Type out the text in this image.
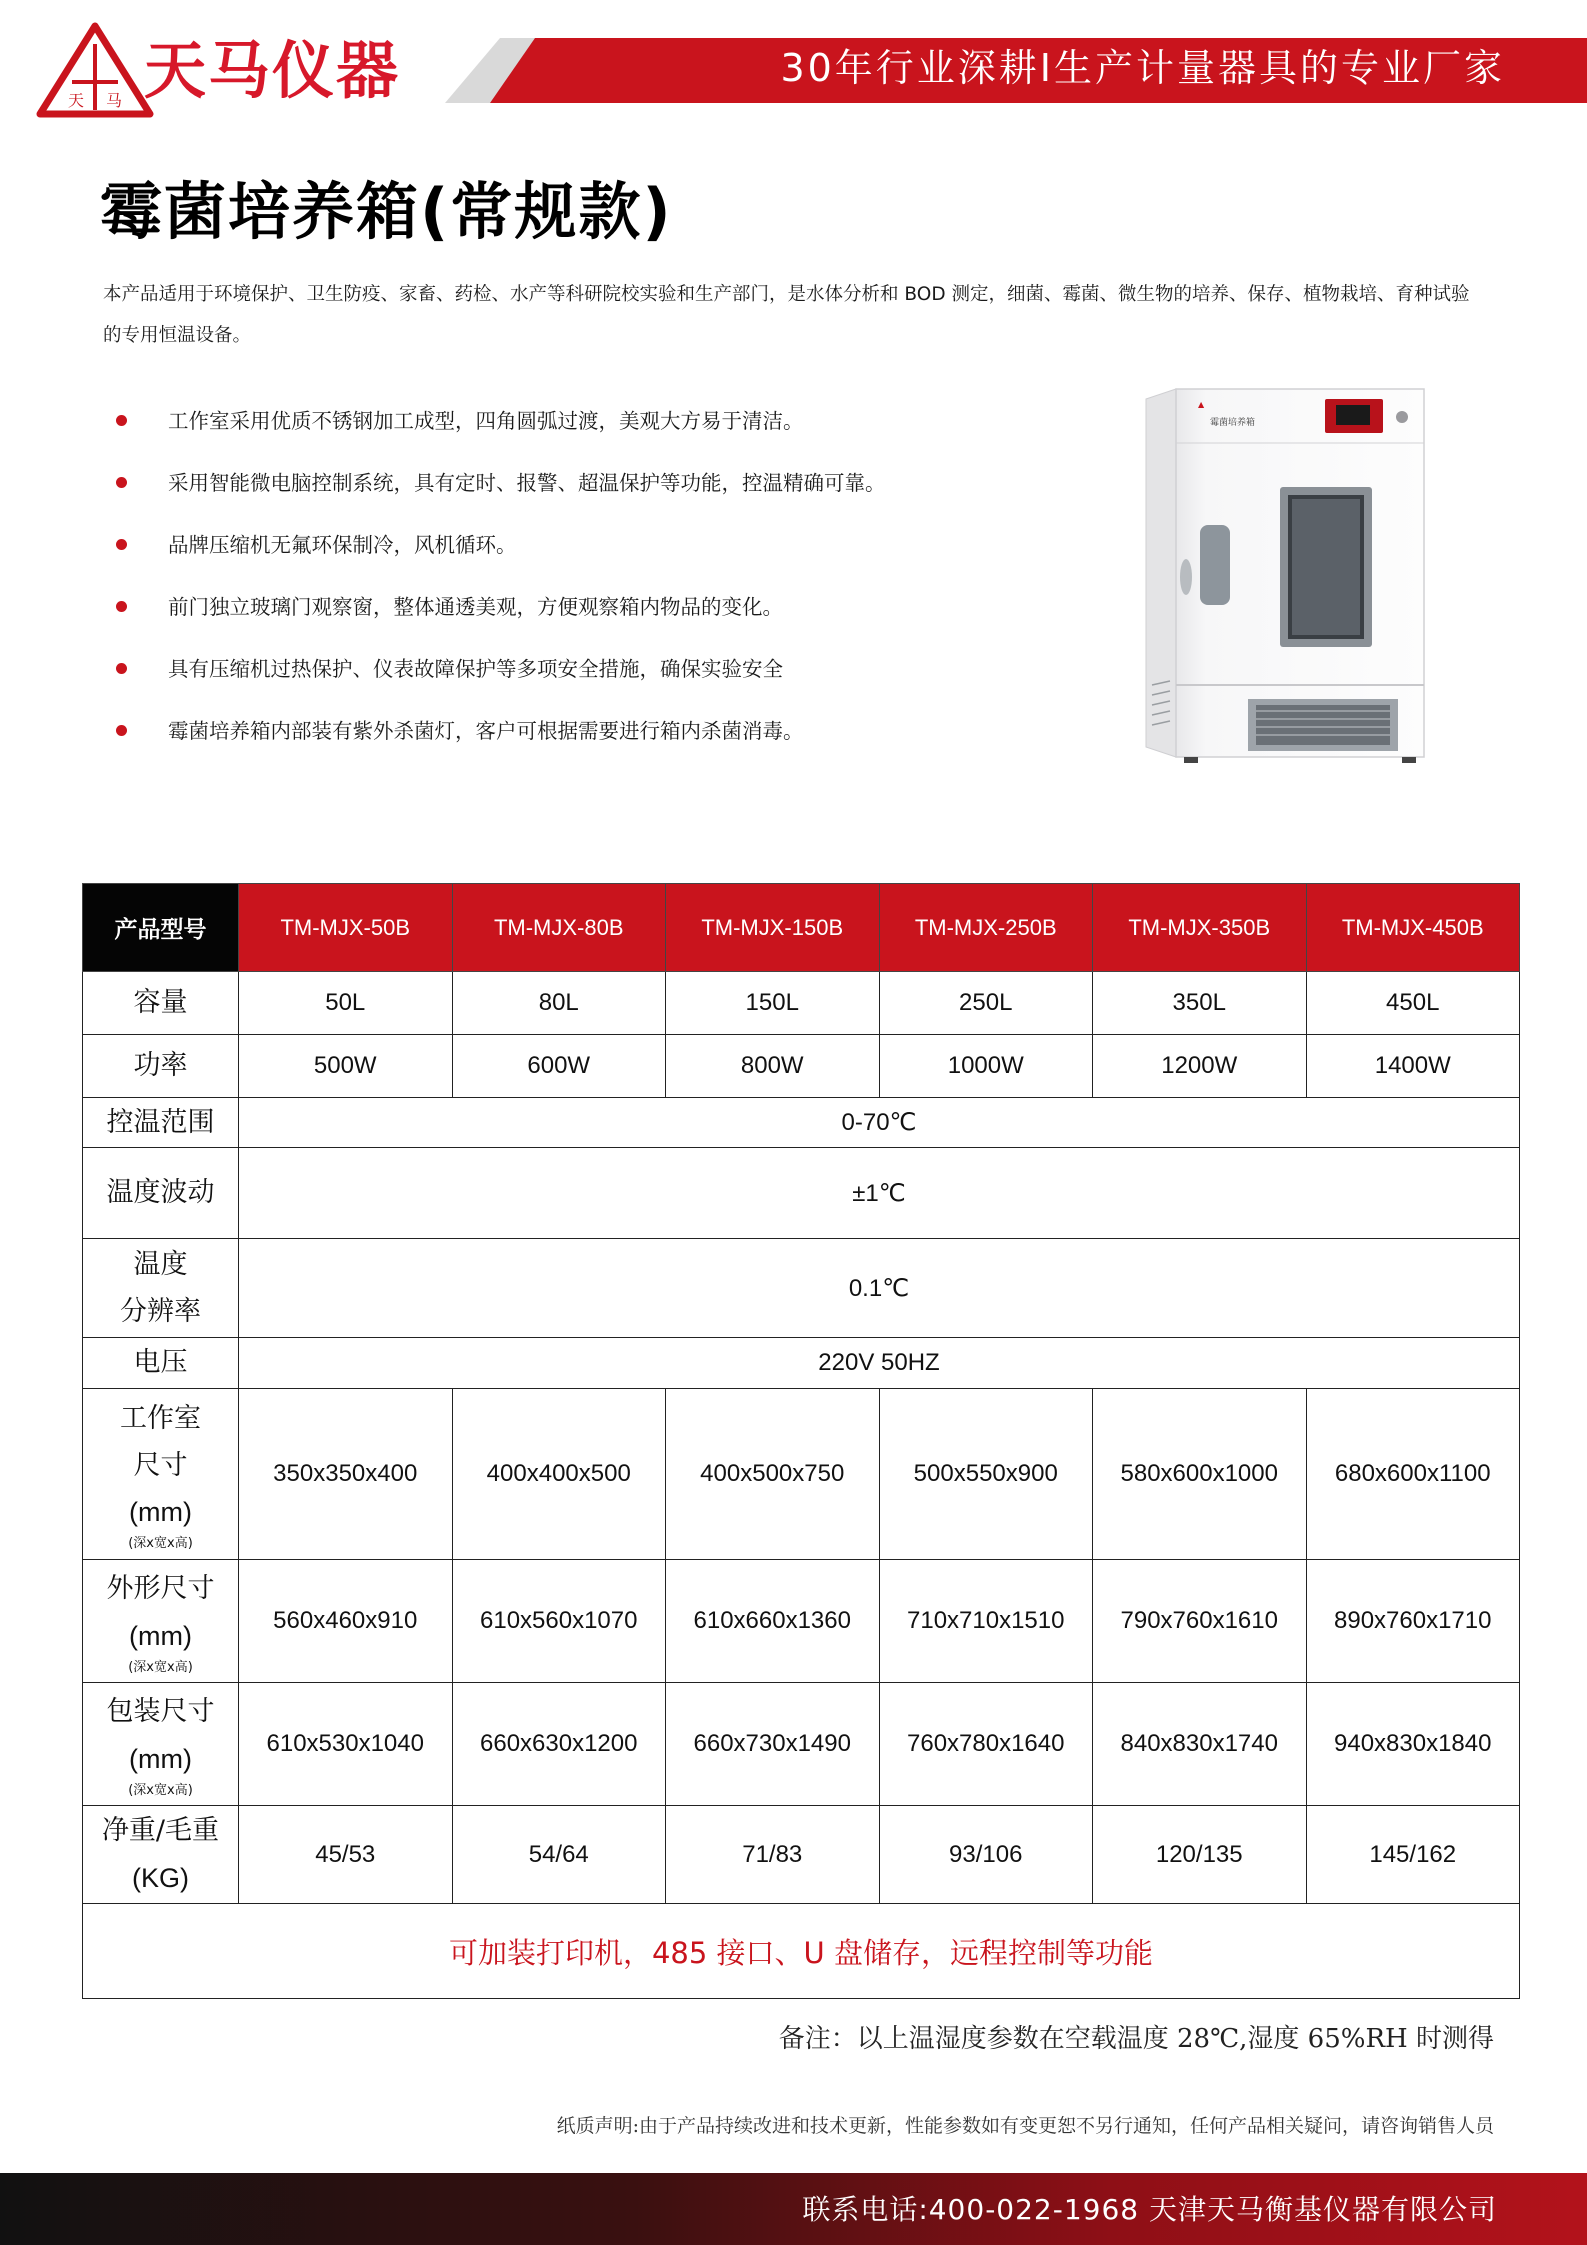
天 马 天马仪器	30年行业深耕I生产计量器具的专业厂家
霉菌培养箱(常规款)

本产品适用于环境保护、卫生防疫、家畜、药检、水产等科研院校实验和生产部门，是水体分析和 BOD 测定，细菌、霉菌、微生物的培养、保存、植物栽培、育种试验的专用恒温设备。

工作室采用优质不锈钢加工成型，四角圆弧过渡，美观大方易于清洁。
采用智能微电脑控制系统，具有定时、报警、超温保护等功能，控温精确可靠。
品牌压缩机无氟环保制冷，风机循环。
前门独立玻璃门观察窗，整体通透美观，方便观察箱内物品的变化。
具有压缩机过热保护、仪表故障保护等多项安全措施，确保实验安全
霉菌培养箱内部装有紫外杀菌灯，客户可根据需要进行箱内杀菌消毒。
▲
霉菌培养箱
产品型号	TM-MJX-50B	TM-MJX-80B	TM-MJX-150B	TM-MJX-250B	TM-MJX-350B	TM-MJX-450B
容量	50L	80L	150L	250L	350L	450L
功率	500W	600W	800W	1000W	1200W	1400W
控温范围	0-70℃					
温度波动	±1℃					

温度
分辨率	0.1℃					
电压	220V 50HZ					

工作室
尺寸
(mm)
(深x宽x高)	350x350x400	400x400x500	400x500x750	500x550x900	580x600x1000	680x600x1100

外形尺寸
(mm)
(深x宽x高)	560x460x910	610x560x1070	610x660x1360	710x710x1510	790x760x1610	890x760x1710

包装尺寸
(mm)
(深x宽x高)	610x530x1040	660x630x1200	660x730x1490	760x780x1640	840x830x1740	940x830x1840

净重/毛重
(KG)	45/53	54/64	71/83	93/106	120/135	145/162
可加装打印机，485 接口、U 盘储存，远程控制等功能						
备注：以上温湿度参数在空载温度 28℃,湿度 65%RH 时测得
纸质声明:由于产品持续改进和技术更新，性能参数如有变更恕不另行通知，任何产品相关疑问，请咨询销售人员
联系电话:400-022-1968 天津天马衡基仪器有限公司
